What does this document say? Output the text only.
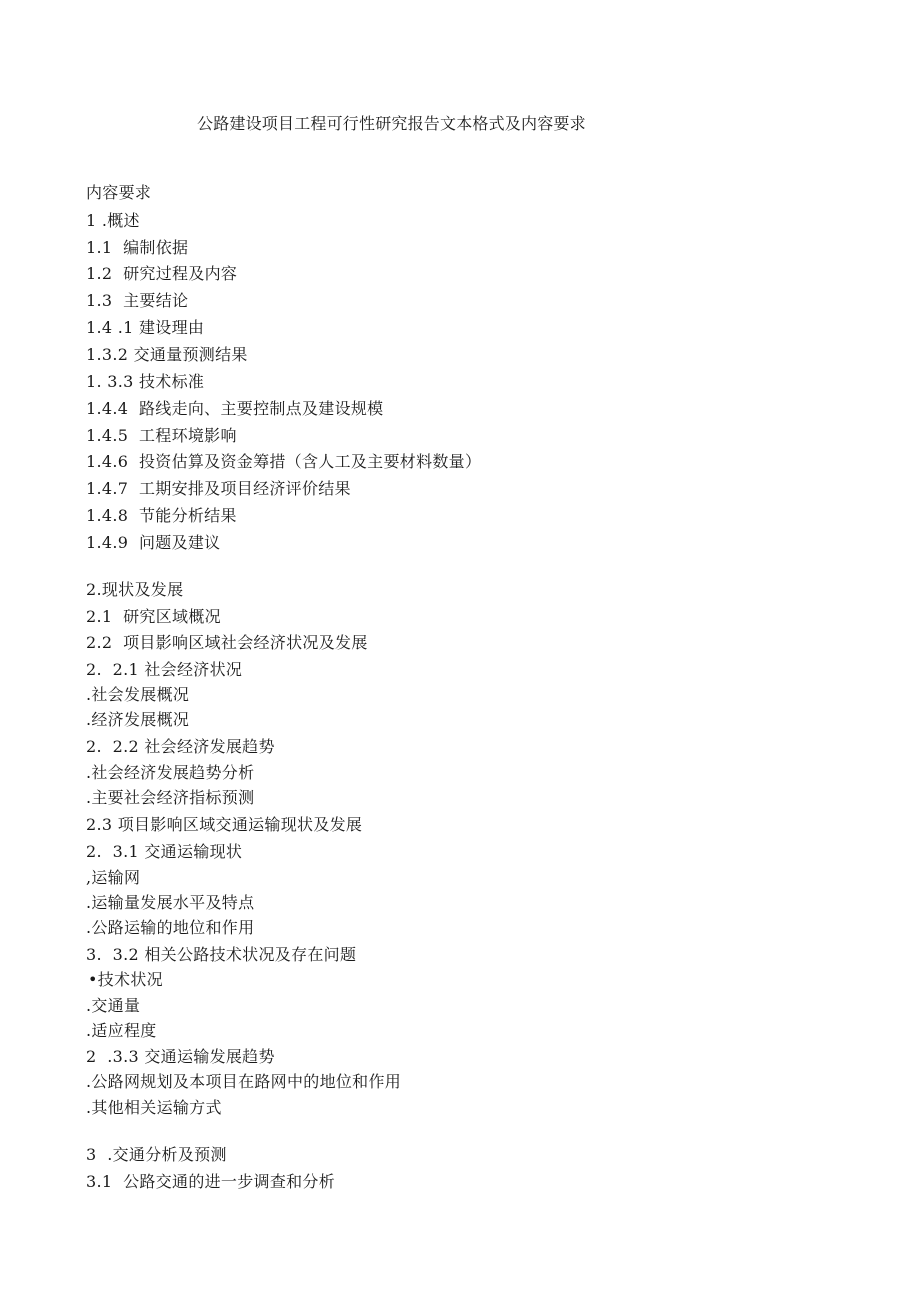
公路建设项目工程可行性研究报告文本格式及内容要求
内容要求
1 .概述
1.1  编制依据
1.2  研究过程及内容
1.3  主要结论
1.4 .1 建设理由
1.3.2 交通量预测结果
1. 3.3 技术标准
1.4.4  路线走向、主要控制点及建设规模
1.4.5  工程环境影响
1.4.6  投资估算及资金筹措（含人工及主要材料数量）
1.4.7  工期安排及项目经济评价结果
1.4.8  节能分析结果
1.4.9  问题及建议
2.现状及发展
2.1  研究区域概况
2.2  项目影响区域社会经济状况及发展
2.  2.1 社会经济状况
.社会发展概况
.经济发展概况
2.  2.2 社会经济发展趋势
.社会经济发展趋势分析
.主要社会经济指标预测
2.3 项目影响区域交通运输现状及发展
2.  3.1 交通运输现状
,运输网
.运输量发展水平及特点
.公路运输的地位和作用
3.  3.2 相关公路技术状况及存在问题
•技术状况
.交通量
.适应程度
2  .3.3 交通运输发展趋势
.公路网规划及本项目在路网中的地位和作用
.其他相关运输方式
3  .交通分析及预测
3.1  公路交通的进一步调查和分析
